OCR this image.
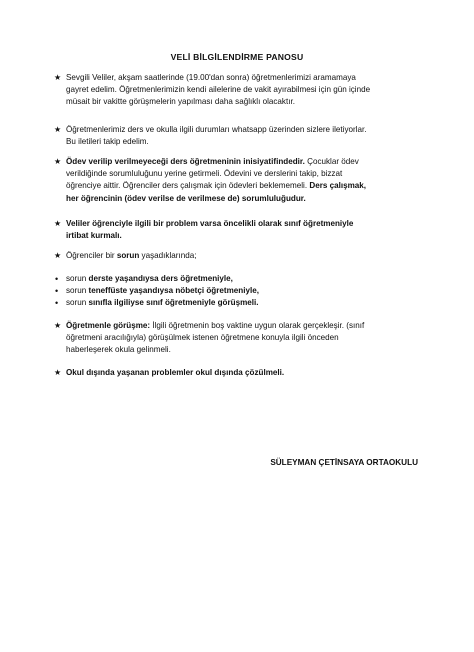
VELİ BİLGİLENDİRME PANOSU
★ Sevgili Veliler, akşam saatlerinde (19.00'dan sonra) öğretmenlerimizi aramamaya
gayret edelim. Öğretmenlerimizin kendi ailelerine de vakit ayırabilmesi için gün içinde
müsait bir vakitte görüşmelerin yapılması daha sağlıklı olacaktır.
★ Öğretmenlerimiz ders ve okulla ilgili durumları whatsapp üzerinden sizlere iletiyorlar.
Bu iletileri takip edelim.
★ Ödev verilip verilmeyeceği ders öğretmeninin inisiyatifindedir. Çocuklar ödev
verildiğinde sorumluluğunu yerine getirmeli. Ödevini ve derslerini takip, bizzat
öğrenciye aittir. Öğrenciler ders çalışmak için ödevleri beklememeli. Ders çalışmak,
her öğrencinin (ödev verilse de verilmese de) sorumluluğudur.
★ Veliler öğrenciyle ilgili bir problem varsa öncelikli olarak sınıf öğretmeniyle
irtibat kurmalı.
★ Öğrenciler bir sorun yaşadıklarında;
• sorun derste yaşandıysa ders öğretmeniyle,
• sorun teneffüste yaşandıysa nöbetçi öğretmeniyle,
• sorun sınıfla ilgiliyse sınıf öğretmeniyle görüşmeli.
★ Öğretmenle görüşme: İlgili öğretmenin boş vaktine uygun olarak gerçekleşir. (sınıf
öğretmeni aracılığıyla) görüşülmek istenen öğretmene konuyla ilgili önceden
haberleşerek okula gelinmeli.
★ Okul dışında yaşanan problemler okul dışında çözülmeli.
SÜLEYMAN ÇETİNSAYA ORTAOKULU
